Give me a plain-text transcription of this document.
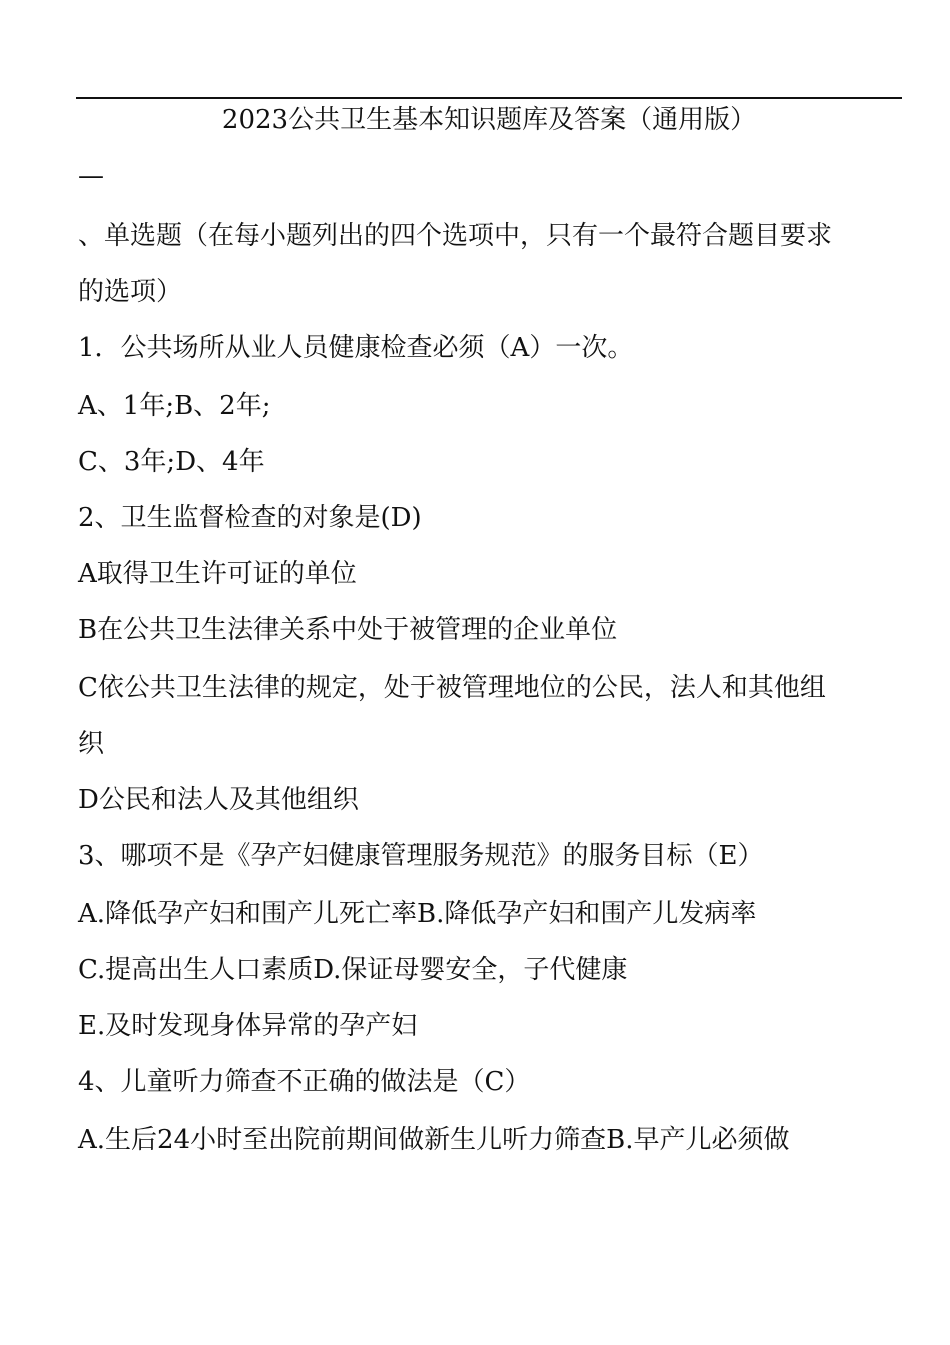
2023公共卫生基本知识题库及答案（通用版）
—
、单选题（在每小题列出的四个选项中，只有一个最符合题目要求
的选项）
1．公共场所从业人员健康检查必须（A）一次。
A、1年;B、2年;
C、3年;D、4年
2、卫生监督检查的对象是(D)
A取得卫生许可证的单位
B在公共卫生法律关系中处于被管理的企业单位
C依公共卫生法律的规定，处于被管理地位的公民，法人和其他组
织
D公民和法人及其他组织
3、哪项不是《孕产妇健康管理服务规范》的服务目标（E）
A.降低孕产妇和围产儿死亡率B.降低孕产妇和围产儿发病率
C.提高出生人口素质D.保证母婴安全，子代健康
E.及时发现身体异常的孕产妇
4、儿童听力筛查不正确的做法是（C）
A.生后24小时至出院前期间做新生儿听力筛查B.早产儿必须做
